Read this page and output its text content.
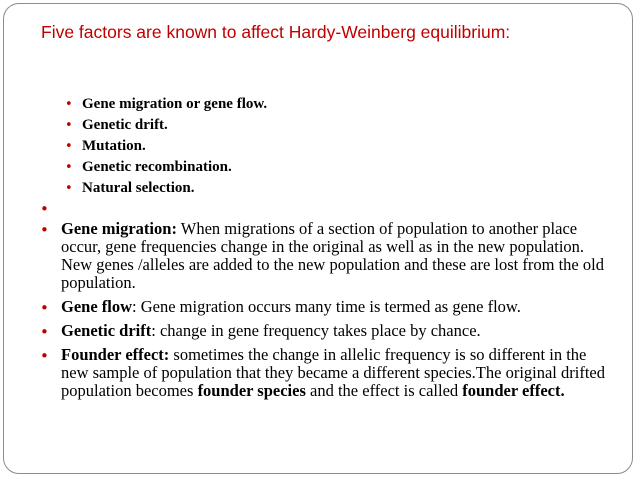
Five factors are known to affect Hardy-Weinberg equilibrium:
• Gene migration or gene flow.
• Genetic drift.
• Mutation.
• Genetic recombination.
• Natural selection.
•
• Gene migration: When migrations of a section of population to another place occur, gene frequencies change in the original as well as in the new population. New genes /alleles are added to the new population and these are lost from the old population.
• Gene flow: Gene migration occurs many time is termed as gene flow.
• Genetic drift: change in gene frequency takes place by chance.
• Founder effect: sometimes the change in allelic frequency is so different in the new sample of population that they became a different species.The original drifted population becomes founder species and the effect is called founder effect.
